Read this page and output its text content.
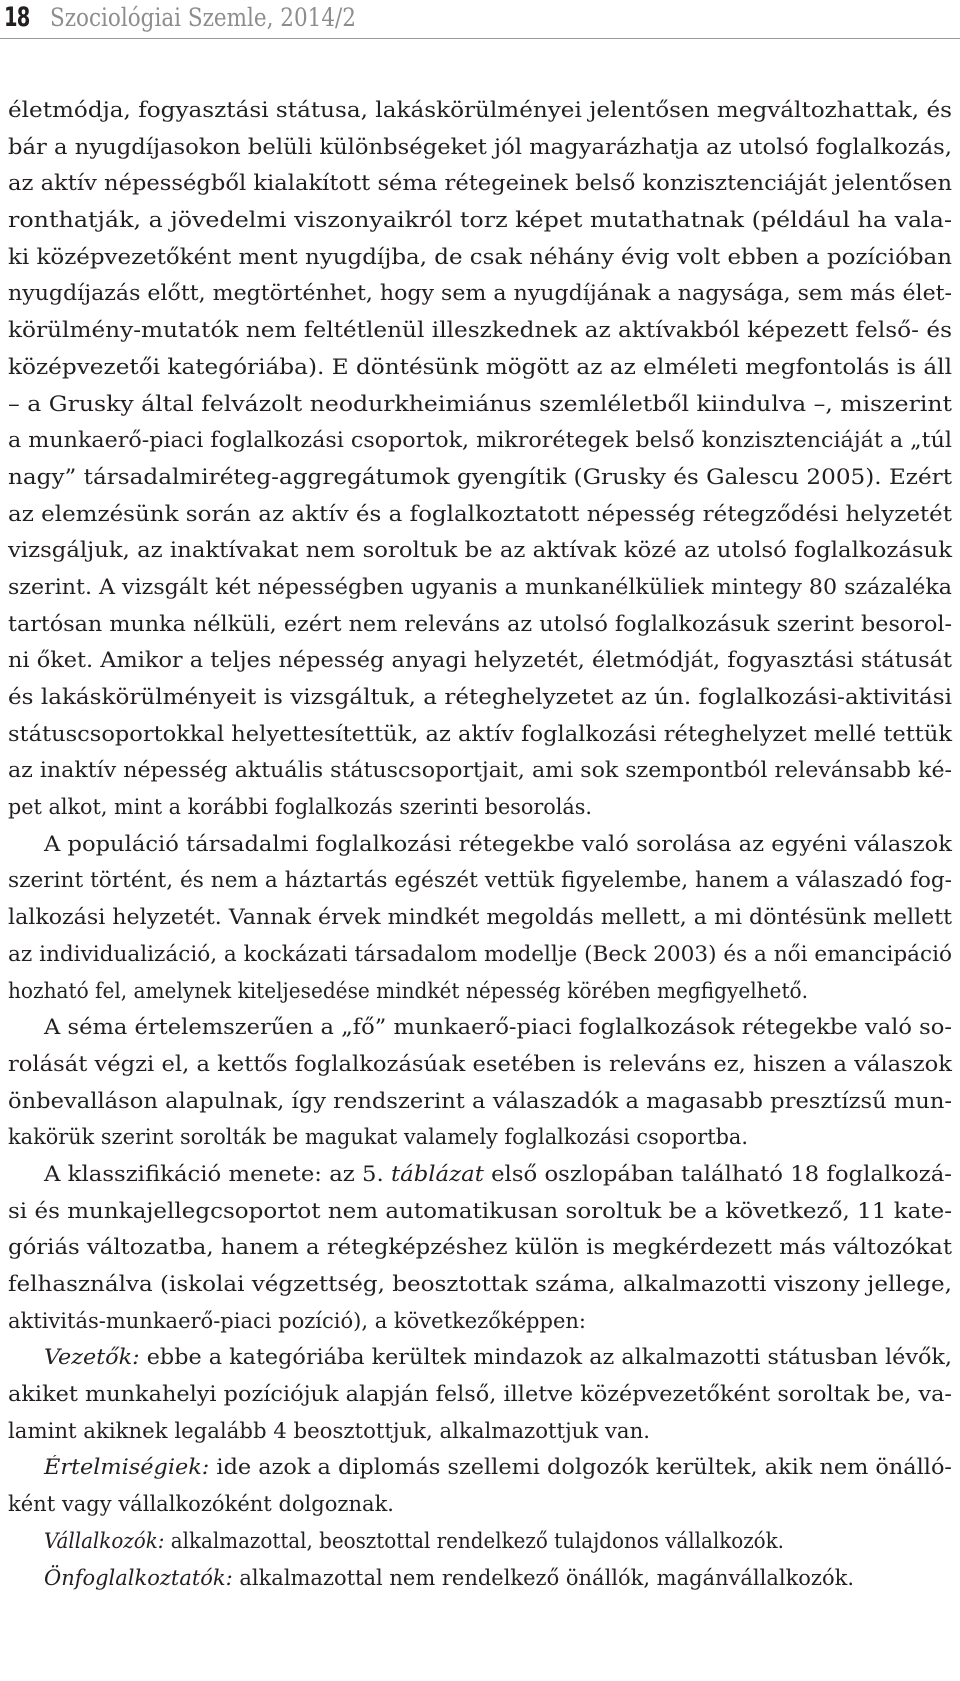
18 Szociológiai Szemle, 2014/2
életmódja, fogyasztási státusa, lakáskörülményei jelentősen megváltozhattak, és
bár a nyugdíjasokon belüli különbségeket jól magyarázhatja az utolsó foglalkozás,
az aktív népességből kialakított séma rétegeinek belső konzisztenciáját jelentősen
ronthatják, a jövedelmi viszonyaikról torz képet mutathatnak (például ha vala-
ki középvezetőként ment nyugdíjba, de csak néhány évig volt ebben a pozícióban
nyugdíjazás előtt, megtörténhet, hogy sem a nyugdíjának a nagysága, sem más élet-
körülmény-mutatók nem feltétlenül illeszkednek az aktívakból képezett felső- és
középvezetői kategóriába). E döntésünk mögött az az elméleti megfontolás is áll
– a Grusky által felvázolt neodurkheimiánus szemléletből kiindulva –, miszerint
a munkaerő-piaci foglalkozási csoportok, mikrorétegek belső konzisztenciáját a „túl
nagy” társadalmiréteg-aggregátumok gyengítik (Grusky és Galescu 2005). Ezért
az elemzésünk során az aktív és a foglalkoztatott népesség rétegződési helyzetét
vizsgáljuk, az inaktívakat nem soroltuk be az aktívak közé az utolsó foglalkozásuk
szerint. A vizsgált két népességben ugyanis a munkanélküliek mintegy 80 százaléka
tartósan munka nélküli, ezért nem releváns az utolsó foglalkozásuk szerint besorol-
ni őket. Amikor a teljes népesség anyagi helyzetét, életmódját, fogyasztási státusát
és lakáskörülményeit is vizsgáltuk, a réteghelyzetet az ún. foglalkozási-aktivitási
státuscsoportokkal helyettesítettük, az aktív foglalkozási réteghelyzet mellé tettük
az inaktív népesség aktuális státuscsoportjait, ami sok szempontból relevánsabb ké-
pet alkot, mint a korábbi foglalkozás szerinti besorolás.
A populáció társadalmi foglalkozási rétegekbe való sorolása az egyéni válaszok
szerint történt, és nem a háztartás egészét vettük figyelembe, hanem a válaszadó fog-
lalkozási helyzetét. Vannak érvek mindkét megoldás mellett, a mi döntésünk mellett
az individualizáció, a kockázati társadalom modellje (Beck 2003) és a női emancipáció
hozható fel, amelynek kiteljesedése mindkét népesség körében megfigyelhető.
A séma értelemszerűen a „fő” munkaerő-piaci foglalkozások rétegekbe való so-
rolását végzi el, a kettős foglalkozásúak esetében is releváns ez, hiszen a válaszok
önbevalláson alapulnak, így rendszerint a válaszadók a magasabb presztízsű mun-
kakörük szerint sorolták be magukat valamely foglalkozási csoportba.
A klasszifikáció menete: az 5. táblázat első oszlopában található 18 foglalkozá-
si és munkajellegcsoportot nem automatikusan soroltuk be a következő, 11 kate-
góriás változatba, hanem a rétegképzéshez külön is megkérdezett más változókat
felhasználva (iskolai végzettség, beosztottak száma, alkalmazotti viszony jellege,
aktivitás-munkaerő-piaci pozíció), a következőképpen:
Vezetők: ebbe a kategóriába kerültek mindazok az alkalmazotti státusban lévők,
akiket munkahelyi pozíciójuk alapján felső, illetve középvezetőként soroltak be, va-
lamint akiknek legalább 4 beosztottjuk, alkalmazottjuk van.
Értelmiségiek: ide azok a diplomás szellemi dolgozók kerültek, akik nem önálló-
ként vagy vállalkozóként dolgoznak.
Vállalkozók: alkalmazottal, beosztottal rendelkező tulajdonos vállalkozók.
Önfoglalkoztatók: alkalmazottal nem rendelkező önállók, magánvállalkozók.
